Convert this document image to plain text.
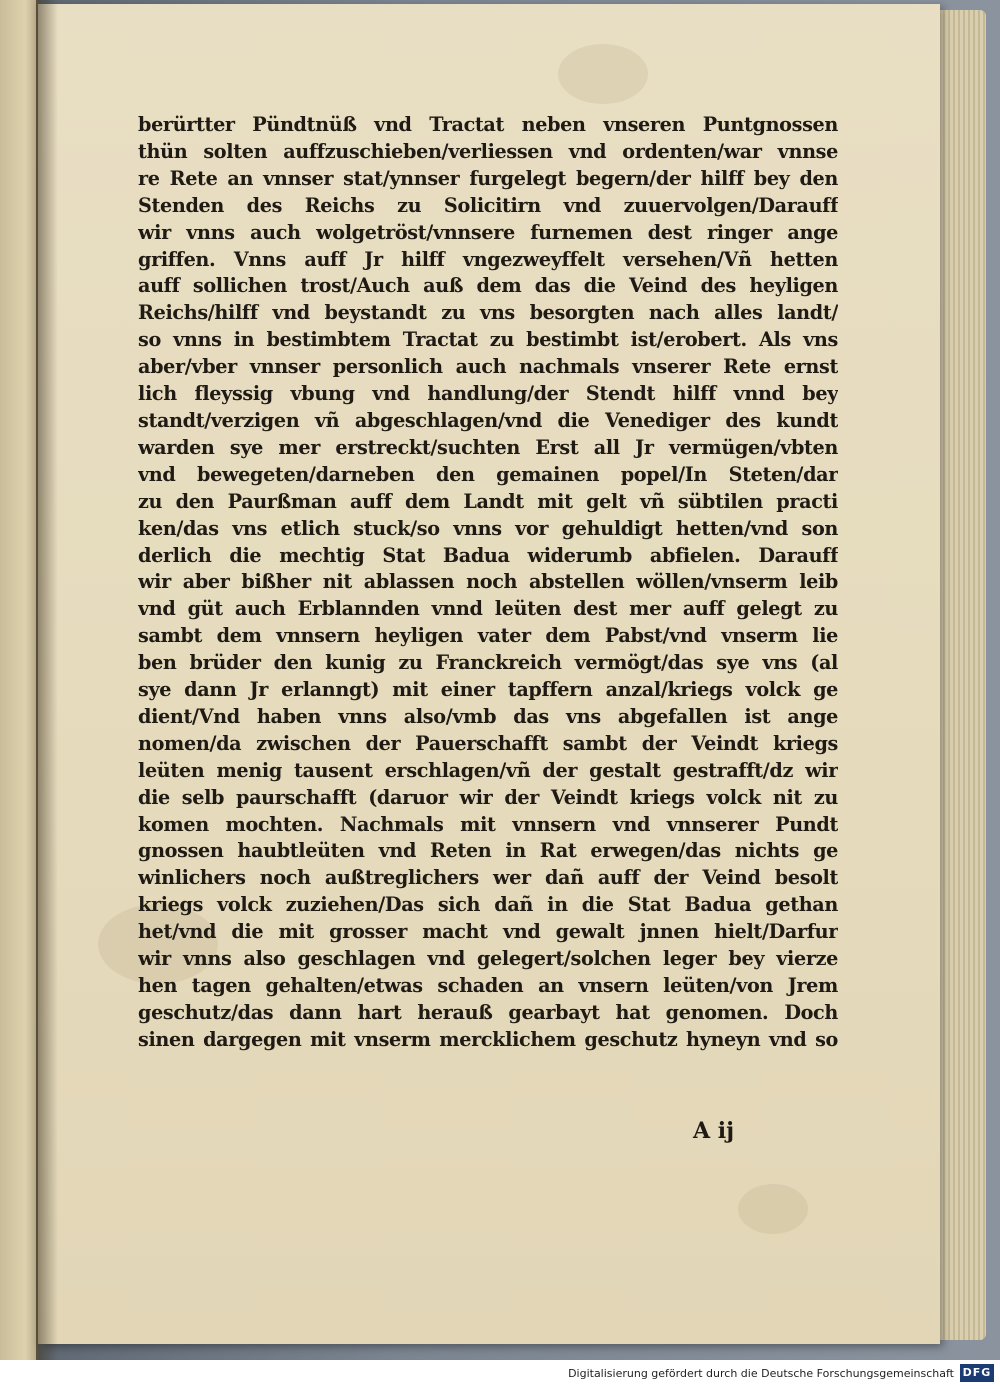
berürtter Pündtnüß vnd Tractat neben vnseren Puntgnossen
thün solten auffzuschieben/verliessen vnd ordenten/war vnnse
re Rete an vnnser stat/ynnser furgelegt begern/der hilff bey den
Stenden des Reichs zu Solicitirn vnd zuuervolgen/Darauff
wir vnns auch wolgetröst/vnnsere furnemen dest ringer ange
griffen. Vnns auff Jr hilff vngezweyffelt versehen/Vñ hetten
auff sollichen trost/Auch auß dem das die Veind des heyligen
Reichs/hilff vnd beystandt zu vns besorgten nach alles landt/
so vnns in bestimbtem Tractat zu bestimbt ist/erobert. Als vns
aber/vber vnnser personlich auch nachmals vnserer Rete ernst
lich fleyssig vbung vnd handlung/der Stendt hilff vnnd bey
standt/verzigen vñ abgeschlagen/vnd die Venediger des kundt
warden sye mer erstreckt/suchten Erst all Jr vermügen/vbten
vnd bewegeten/darneben den gemainen popel/In Steten/dar
zu den Paurßman auff dem Landt mit gelt vñ sübtilen practi
ken/das vns etlich stuck/so vnns vor gehuldigt hetten/vnd son
derlich die mechtig Stat Badua widerumb abfielen. Darauff
wir aber bißher nit ablassen noch abstellen wöllen/vnserm leib
vnd güt auch Erblannden vnnd leüten dest mer auff gelegt zu
sambt dem vnnsern heyligen vater dem Pabst/vnd vnserm lie
ben brüder den kunig zu Franckreich vermögt/das sye vns (al
sye dann Jr erlanngt) mit einer tapffern anzal/kriegs volck ge
dient/Vnd haben vnns also/vmb das vns abgefallen ist ange
nomen/da zwischen der Pauerschafft sambt der Veindt kriegs
leüten menig tausent erschlagen/vñ der gestalt gestrafft/dz wir
die selb paurschafft (daruor wir der Veindt kriegs volck nit zu
komen mochten. Nachmals mit vnnsern vnd vnnserer Pundt
gnossen haubtleüten vnd Reten in Rat erwegen/das nichts ge
winlichers noch außtreglichers wer dañ auff der Veind besolt
kriegs volck zuziehen/Das sich dañ in die Stat Badua gethan
het/vnd die mit grosser macht vnd gewalt jnnen hielt/Darfur
wir vnns also geschlagen vnd gelegert/solchen leger bey vierze
hen tagen gehalten/etwas schaden an vnsern leüten/von Jrem
geschutz/das dann hart herauß gearbayt hat genomen. Doch
sinen dargegen mit vnserm mercklichem geschutz hyneyn vnd so
A ij
Digitalisierung gefördert durch die Deutsche Forschungsgemeinschaft DFG
